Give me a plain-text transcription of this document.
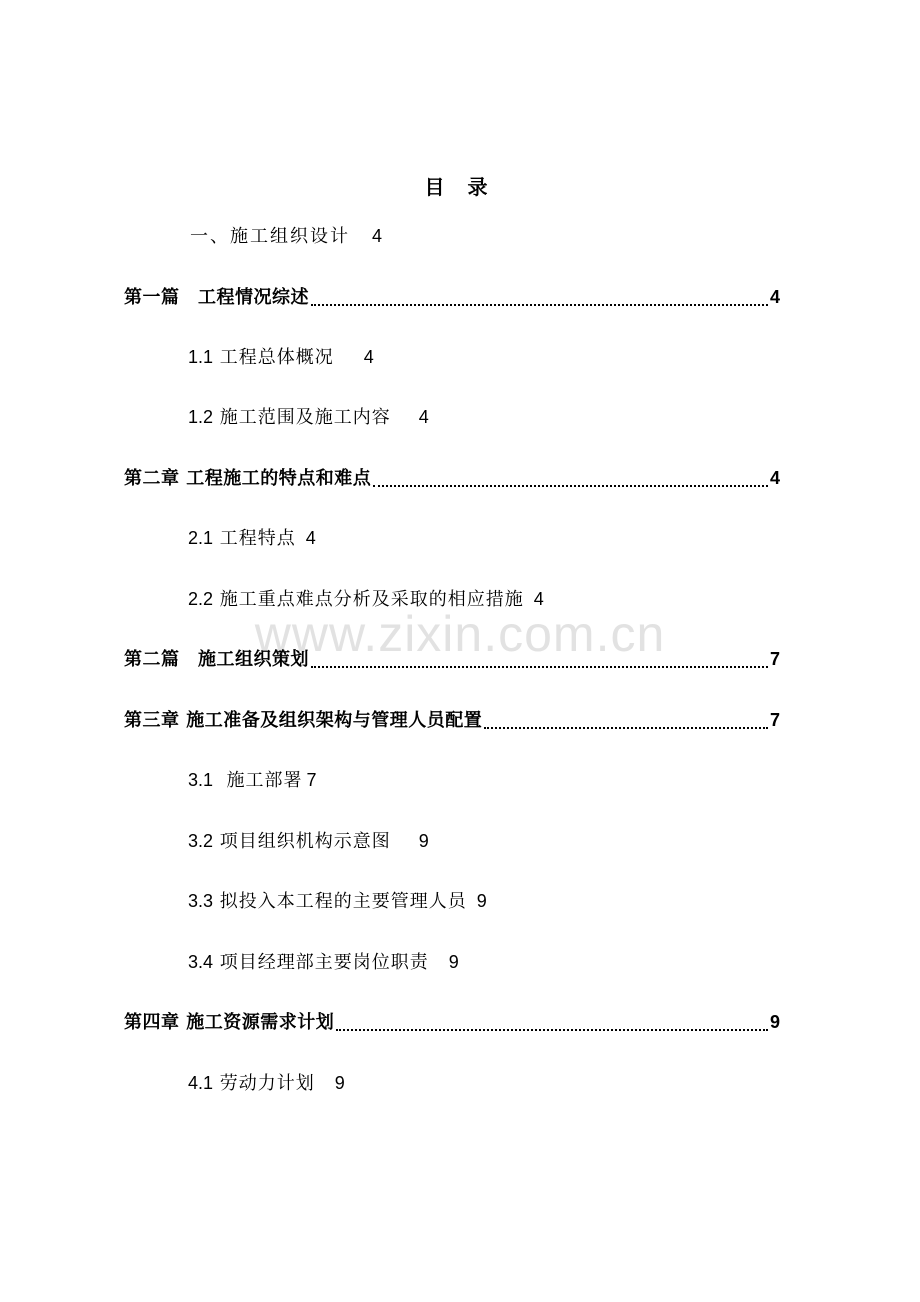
目 录
一、施工组织设计 4
第一篇　工程情况综述	4
1.1 工程总体概况 4
1.2 施工范围及施工内容 4
第二章 工程施工的特点和难点	4
2.1 工程特点 4
2.2 施工重点难点分析及采取的相应措施 4
www.zixin.com.cn
第二篇　施工组织策划	7
第三章 施工准备及组织架构与管理人员配置	7
3.1  施工部署 7
3.2 项目组织机构示意图 9
3.3 拟投入本工程的主要管理人员 9
3.4 项目经理部主要岗位职责 9
第四章 施工资源需求计划	9
4.1 劳动力计划 9
